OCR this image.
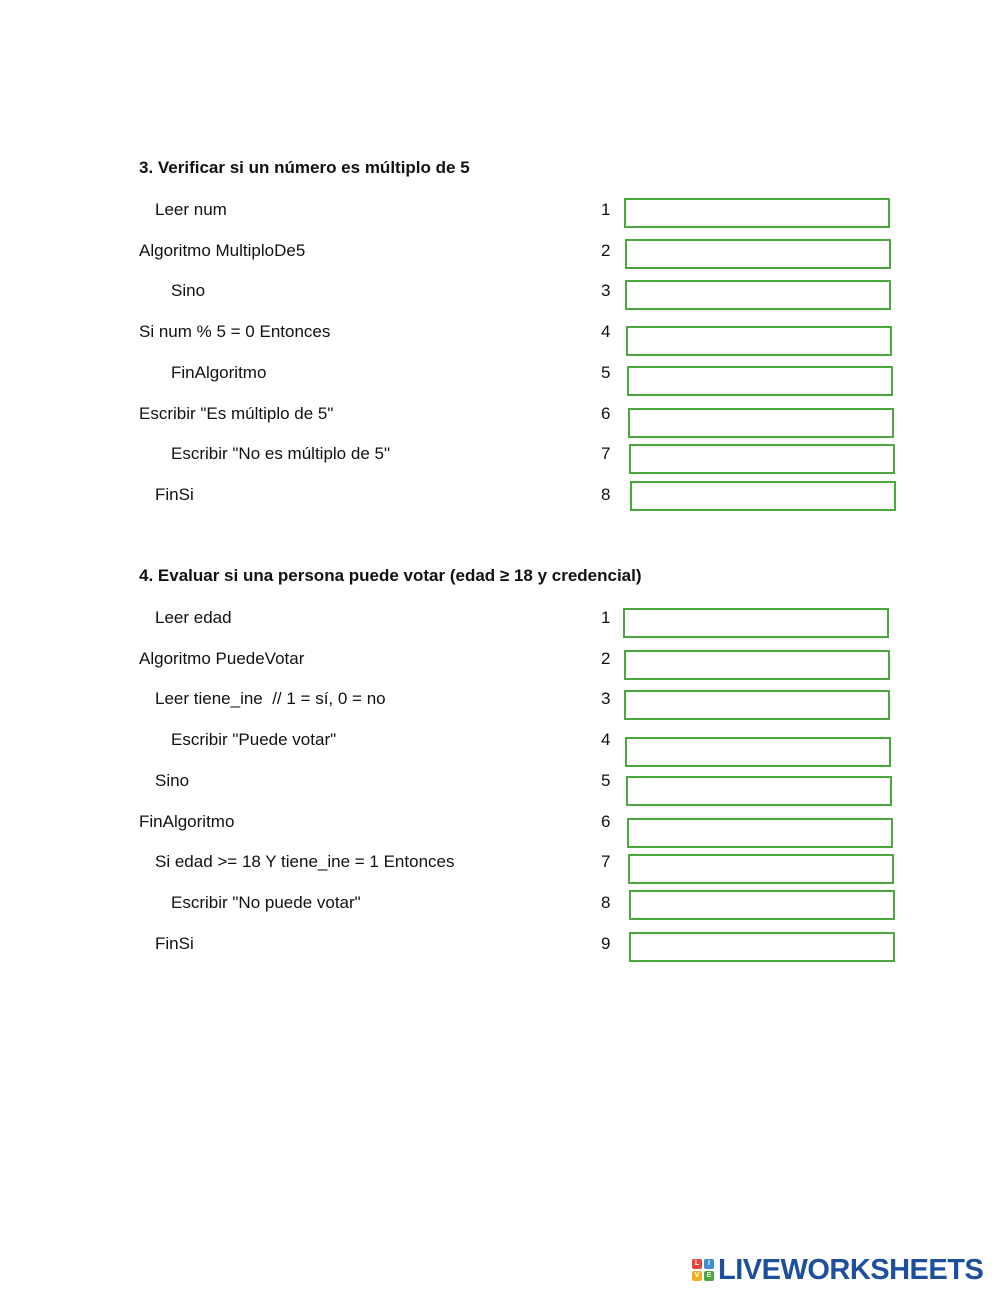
3. Verificar si un número es múltiplo de 5
Leer num
Algoritmo MultiploDe5
Sino
Si num % 5 = 0 Entonces
FinAlgoritmo
Escribir "Es múltiplo de 5"
Escribir "No es múltiplo de 5"
FinSi
1
2
3
4
5
6
7
8
4. Evaluar si una persona puede votar (edad ≥ 18 y credencial)
Leer edad
Algoritmo PuedeVotar
Leer tiene_ine  // 1 = sí, 0 = no
Escribir "Puede votar"
Sino
FinAlgoritmo
Si edad >= 18 Y tiene_ine = 1 Entonces
Escribir "No puede votar"
FinSi
1
2
3
4
5
6
7
8
9
L	I
V	E LIVEWORKSHEETS
